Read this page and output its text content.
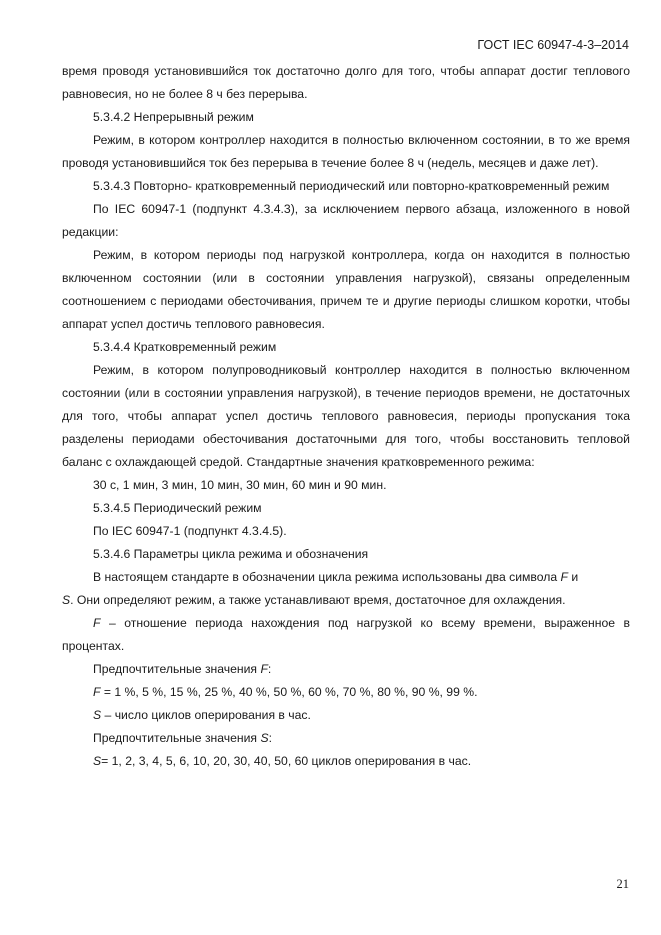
ГОСТ IEC 60947-4-3–2014

время проводя установившийся ток достаточно долго для того, чтобы аппарат достиг теплового равновесия, но не более 8 ч без перерыва.

5.3.4.2 Непрерывный режим

Режим, в котором контроллер находится в полностью включенном состоянии, в то же время проводя установившийся ток без перерыва в течение более 8 ч (недель, месяцев и даже лет).

5.3.4.3 Повторно- кратковременный периодический или повторно-кратковременный режим

По IEC 60947-1 (подпункт 4.3.4.3), за исключением первого абзаца, изложенного в новой редакции:

Режим, в котором периоды под нагрузкой контроллера, когда он находится в полностью включенном состоянии (или в состоянии управления нагрузкой), связаны определенным соотношением с периодами обесточивания, причем те и другие периоды слишком коротки, чтобы аппарат успел достичь теплового равновесия.

5.3.4.4 Кратковременный режим

Режим, в котором полупроводниковый контроллер находится в полностью включенном состоянии (или в состоянии управления нагрузкой), в течение периодов времени, не достаточных для того, чтобы аппарат успел достичь теплового равновесия, периоды пропускания тока разделены периодами обесточивания достаточными для того, чтобы восстановить тепловой баланс с охлаждающей средой. Стандартные значения кратковременного режима:

30 с, 1 мин, 3 мин, 10 мин, 30 мин, 60 мин и 90 мин.

5.3.4.5 Периодический режим

По IEC 60947-1 (подпункт 4.3.4.5).

5.3.4.6 Параметры цикла режима и обозначения

В настоящем стандарте в обозначении цикла режима использованы два символа F и
S. Они определяют режим, а также устанавливают время, достаточное для охлаждения.

F – отношение периода нахождения под нагрузкой ко всему времени, выраженное в процентах.

Предпочтительные значения F:

F = 1 %, 5 %, 15 %, 25 %, 40 %, 50 %, 60 %, 70 %, 80 %, 90 %, 99 %.

S – число циклов оперирования в час.

Предпочтительные значения S:

S= 1, 2, 3, 4, 5, 6, 10, 20, 30, 40, 50, 60 циклов оперирования в час.

21
